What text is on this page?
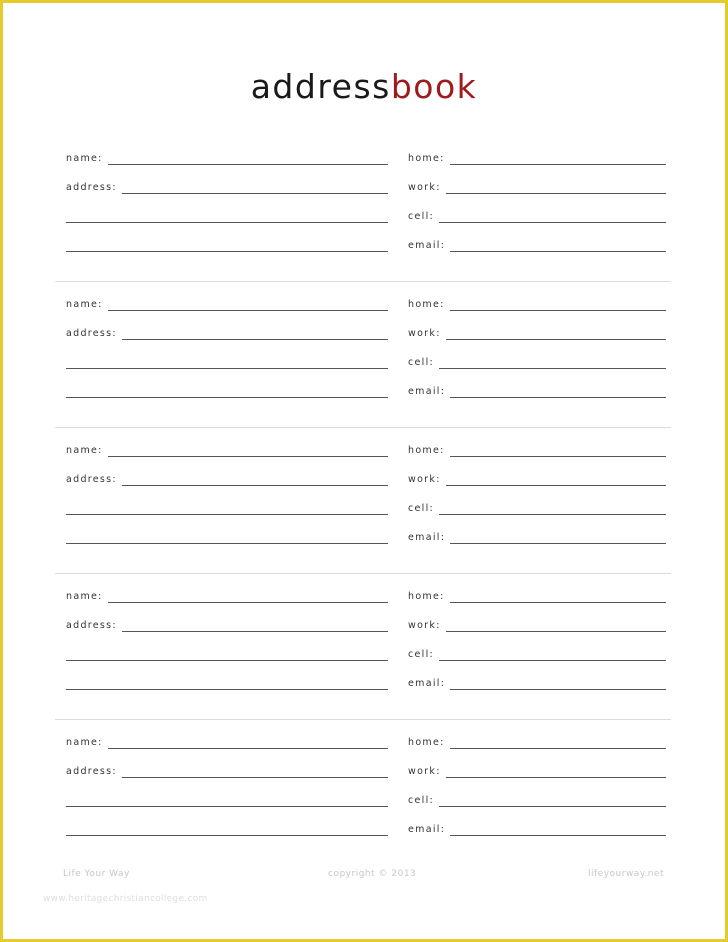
addressbook
name:
address:
home:
work:
cell:
email:
name:
address:
home:
work:
cell:
email:
name:
address:
home:
work:
cell:
email:
name:
address:
home:
work:
cell:
email:
name:
address:
home:
work:
cell:
email:
Life Your Way	copyright © 2013	lifeyourway.net
www.heritagechristiancollege.com
